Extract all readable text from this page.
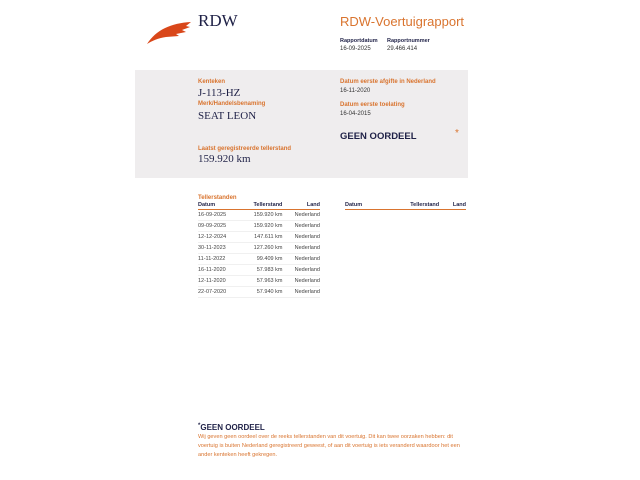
RDW	RDW-Voertuigrapport
Rapportdatum
16-09-2025
Rapportnummer
29.466.414
Kenteken
J-113-HZ
Merk/Handelsbenaming
SEAT LEON
Laatst geregistreerde tellerstand
159.920 km
Datum eerste afgifte in Nederland
16-11-2020
Datum eerste toelating
16-04-2015
GEEN OORDEEL	*
Tellerstanden
Datum	Tellerstand	Land
16-09-2025	159.920 km	Nederland
09-09-2025	159.920 km	Nederland
12-12-2024	147.611 km	Nederland
30-11-2023	127.260 km	Nederland
11-11-2022	99.409 km	Nederland
16-11-2020	57.983 km	Nederland
12-11-2020	57.963 km	Nederland
22-07-2020	57.940 km	Nederland
Datum	Tellerstand	Land
*GEEN OORDEEL
Wij geven geen oordeel over de reeks tellerstanden van dit voertuig. Dit kan twee oorzaken hebben: dit voertuig is buiten Nederland geregistreerd geweest, of aan dit voertuig is iets veranderd waardoor het een ander kenteken heeft gekregen.
